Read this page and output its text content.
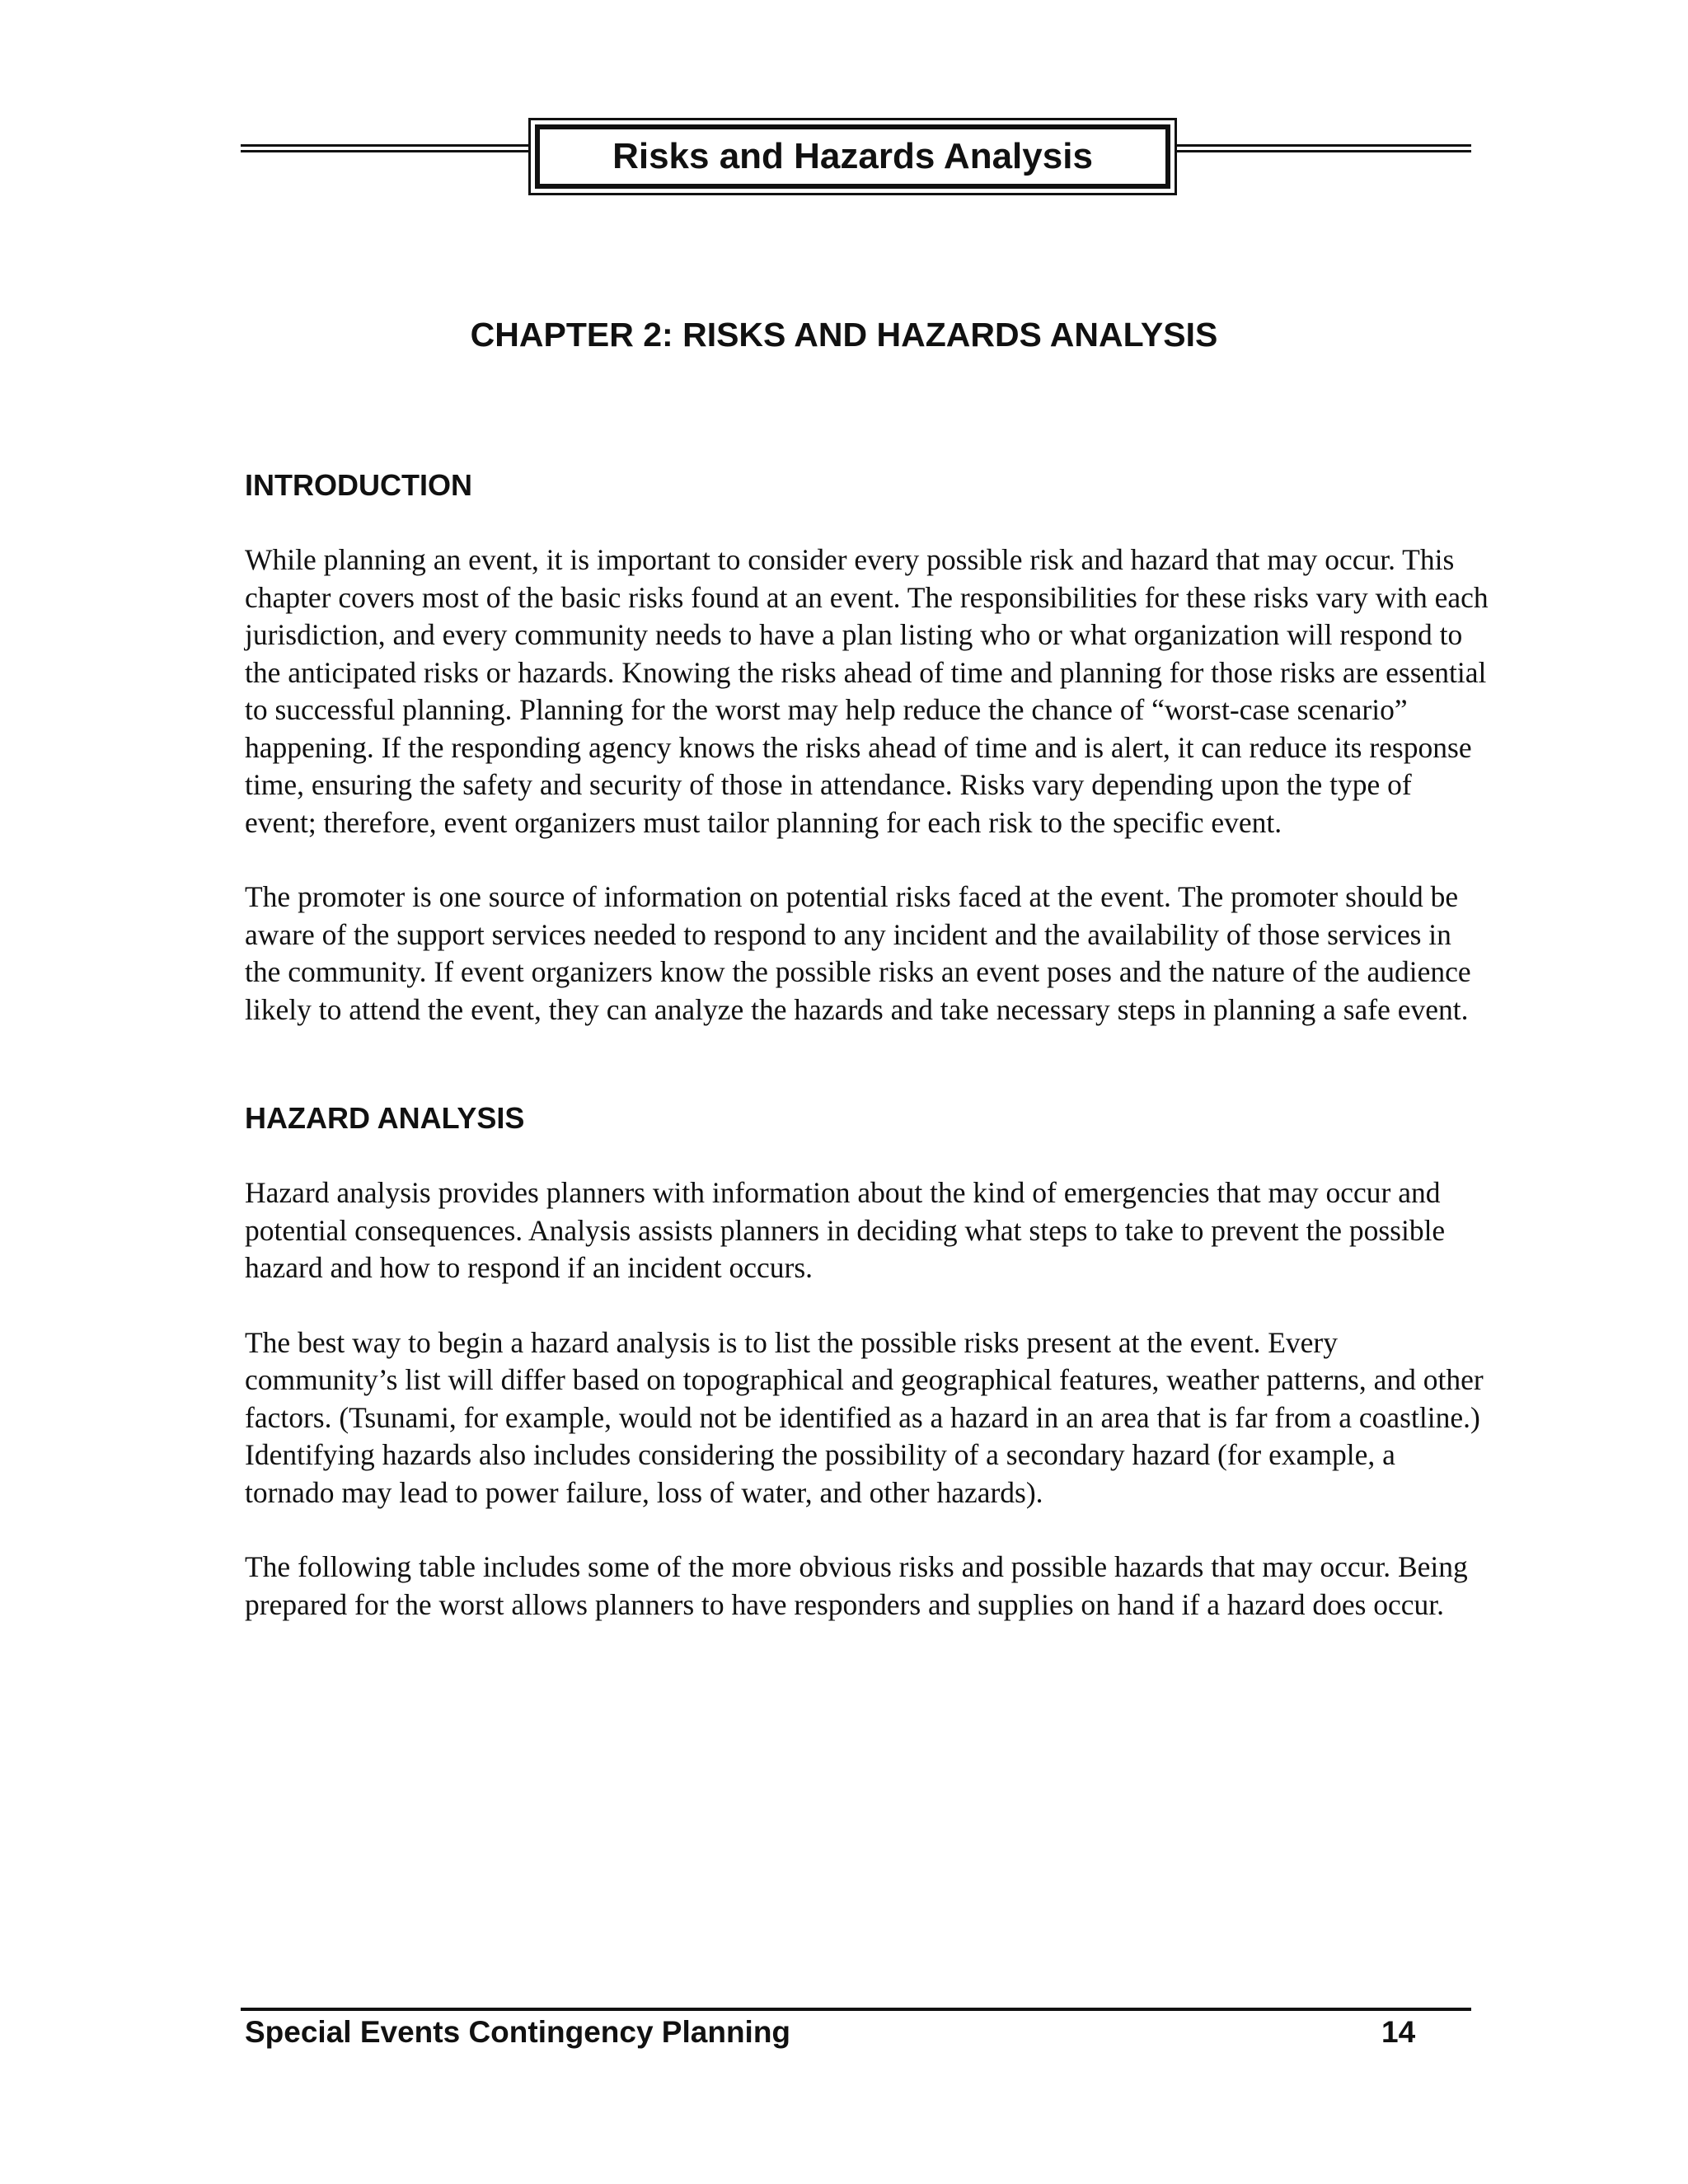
Risks and Hazards Analysis
CHAPTER 2: RISKS AND HAZARDS ANALYSIS
INTRODUCTION

While planning an event, it is important to consider every possible risk and hazard that may occur. This chapter covers most of the basic risks found at an event. The responsibilities for these risks vary with each jurisdiction, and every community needs to have a plan listing who or what organization will respond to the anticipated risks or hazards. Knowing the risks ahead of time and planning for those risks are essential to successful planning. Planning for the worst may help reduce the chance of “worst-case scenario” happening. If the responding agency knows the risks ahead of time and is alert, it can reduce its response time, ensuring the safety and security of those in attendance. Risks vary depending upon the type of event; therefore, event organizers must tailor planning for each risk to the specific event.

The promoter is one source of information on potential risks faced at the event. The promoter should be aware of the support services needed to respond to any incident and the availability of those services in the community. If event organizers know the possible risks an event poses and the nature of the audience likely to attend the event, they can analyze the hazards and take necessary steps in planning a safe event.

HAZARD ANALYSIS

Hazard analysis provides planners with information about the kind of emergencies that may occur and potential consequences. Analysis assists planners in deciding what steps to take to prevent the possible hazard and how to respond if an incident occurs.

The best way to begin a hazard analysis is to list the possible risks present at the event. Every community’s list will differ based on topographical and geographical features, weather patterns, and other factors. (Tsunami, for example, would not be identified as a hazard in an area that is far from a coastline.) Identifying hazards also includes considering the possibility of a secondary hazard (for example, a tornado may lead to power failure, loss of water, and other hazards).

The following table includes some of the more obvious risks and possible hazards that may occur. Being prepared for the worst allows planners to have responders and supplies on hand if a hazard does occur.

Special Events Contingency Planning	14
